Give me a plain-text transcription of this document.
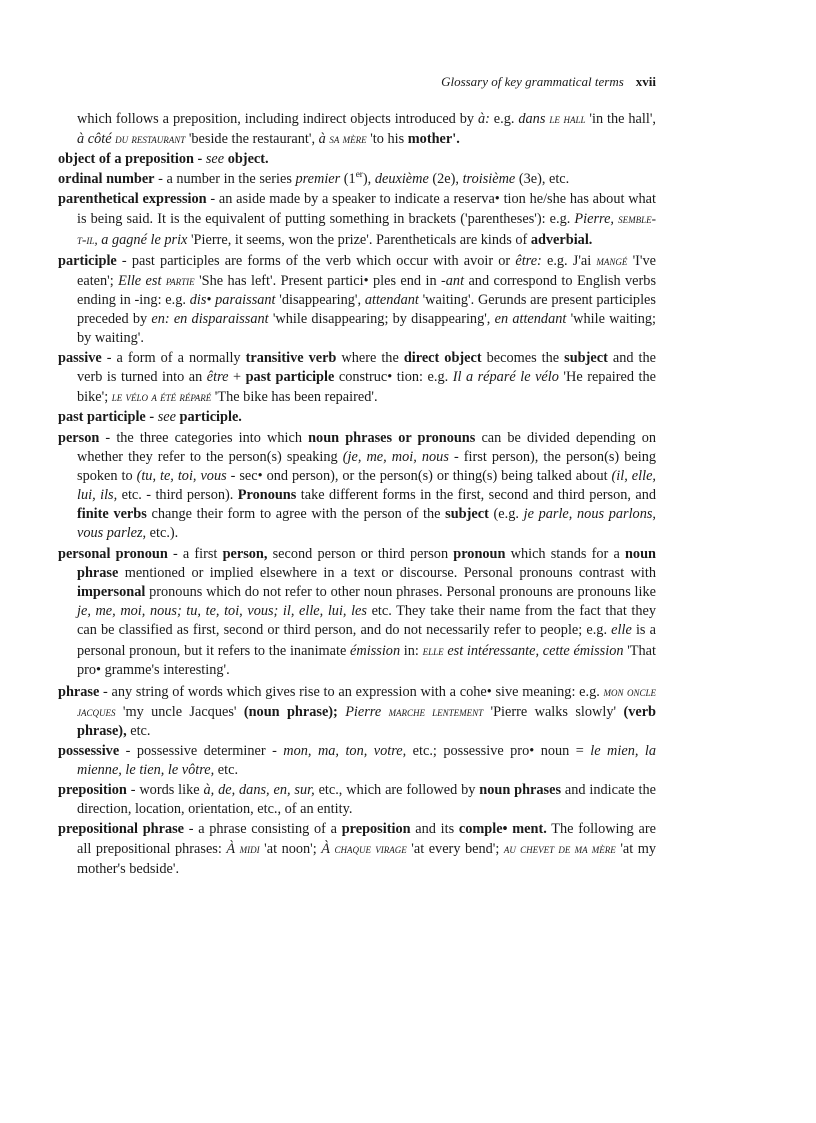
Glossary of key grammatical terms xvii

which follows a preposition, including indirect objects introduced by à: e.g. dans le hall 'in the hall', à côté du restaurant 'beside the restaurant', à sa mère 'to his mother'.

object of a preposition - see object.

ordinal number - a number in the series premier (1er), deuxième (2e), troisième (3e), etc.

parenthetical expression - an aside made by a speaker to indicate a reserva• tion he/she has about what is being said. It is the equivalent of putting something in brackets ('parentheses'): e.g. Pierre, semble-t-il, a gagné le prix 'Pierre, it seems, won the prize'. Parentheticals are kinds of adverbial.

participle - past participles are forms of the verb which occur with avoir or être: e.g. J'ai mangé 'I've eaten'; Elle est partie 'She has left'. Present partici• ples end in -ant and correspond to English verbs ending in -ing: e.g. dis• paraissant 'disappearing', attendant 'waiting'. Gerunds are present participles preceded by en: en disparaissant 'while disappearing; by disappearing', en attendant 'while waiting; by waiting'.

passive - a form of a normally transitive verb where the direct object becomes the subject and the verb is turned into an être + past participle construc• tion: e.g. Il a réparé le vélo 'He repaired the bike'; le vélo a été réparé 'The bike has been repaired'.

past participle - see participle.

person - the three categories into which noun phrases or pronouns can be divided depending on whether they refer to the person(s) speaking (je, me, moi, nous - first person), the person(s) being spoken to (tu, te, toi, vous - sec• ond person), or the person(s) or thing(s) being talked about (il, elle, lui, ils, etc. - third person). Pronouns take different forms in the first, second and third person, and finite verbs change their form to agree with the person of the subject (e.g. je parle, nous parlons, vous parlez, etc.).

personal pronoun - a first person, second person or third person pronoun which stands for a noun phrase mentioned or implied elsewhere in a text or discourse. Personal pronouns contrast with impersonal pronouns which do not refer to other noun phrases. Personal pronouns are pronouns like je, me, moi, nous; tu, te, toi, vous; il, elle, lui, les etc. They take their name from the fact that they can be classified as first, second or third person, and do not necessarily refer to people; e.g. elle is a personal pronoun, but it refers to the inanimate émission in: elle est intéressante, cette émission 'That pro• gramme's interesting'.

phrase - any string of words which gives rise to an expression with a cohe• sive meaning: e.g. mon oncle jacques 'my uncle Jacques' (noun phrase); Pierre marche lentement 'Pierre walks slowly' (verb phrase), etc.

possessive - possessive determiner - mon, ma, ton, votre, etc.; possessive pro• noun = le mien, la mienne, le tien, le vôtre, etc.

preposition - words like à, de, dans, en, sur, etc., which are followed by noun phrases and indicate the direction, location, orientation, etc., of an entity.

prepositional phrase - a phrase consisting of a preposition and its comple• ment. The following are all prepositional phrases: À midi 'at noon'; À chaque virage 'at every bend'; au chevet de ma mère 'at my mother's bedside'.
